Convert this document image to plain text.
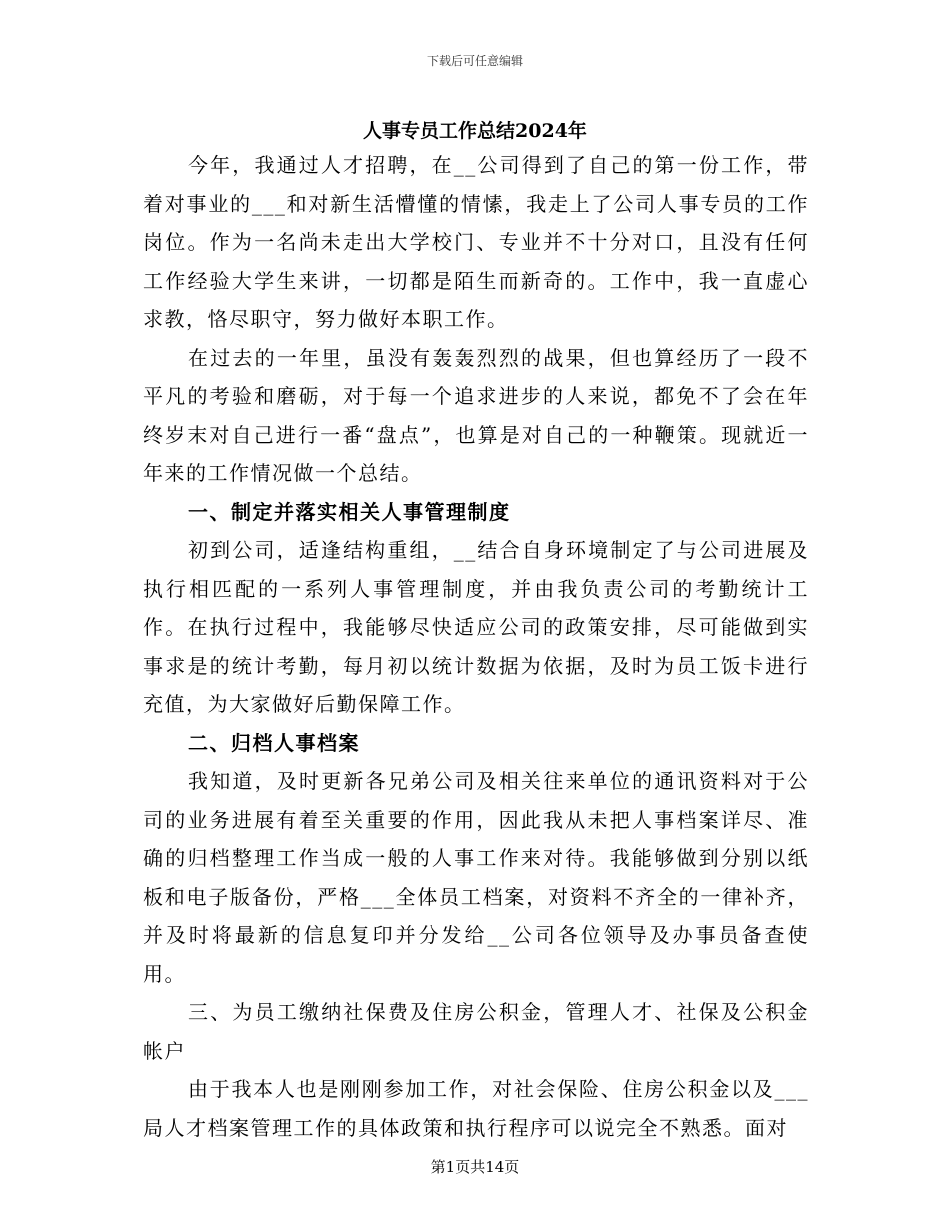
下载后可任意编辑
人事专员工作总结2024年

今年，我通过人才招聘，在__公司得到了自己的第一份工作，带着对事业的___和对新生活懵懂的情愫，我走上了公司人事专员的工作岗位。作为一名尚未走出大学校门、专业并不十分对口，且没有任何工作经验大学生来讲，一切都是陌生而新奇的。工作中，我一直虚心求教，恪尽职守，努力做好本职工作。

在过去的一年里，虽没有轰轰烈烈的战果，但也算经历了一段不平凡的考验和磨砺，对于每一个追求进步的人来说，都免不了会在年终岁末对自己进行一番“盘点”，也算是对自己的一种鞭策。现就近一年来的工作情况做一个总结。

一、制定并落实相关人事管理制度

初到公司，适逢结构重组，__结合自身环境制定了与公司进展及执行相匹配的一系列人事管理制度，并由我负责公司的考勤统计工作。在执行过程中，我能够尽快适应公司的政策安排，尽可能做到实事求是的统计考勤，每月初以统计数据为依据，及时为员工饭卡进行充值，为大家做好后勤保障工作。

二、归档人事档案

我知道，及时更新各兄弟公司及相关往来单位的通讯资料对于公司的业务进展有着至关重要的作用，因此我从未把人事档案详尽、准确的归档整理工作当成一般的人事工作来对待。我能够做到分别以纸板和电子版备份，严格___全体员工档案，对资料不齐全的一律补齐，并及时将最新的信息复印并分发给__公司各位领导及办事员备查使用。

三、为员工缴纳社保费及住房公积金，管理人才、社保及公积金帐户

由于我本人也是刚刚参加工作，对社会保险、住房公积金以及___局人才档案管理工作的具体政策和执行程序可以说完全不熟悉。面对

第1页共14页
